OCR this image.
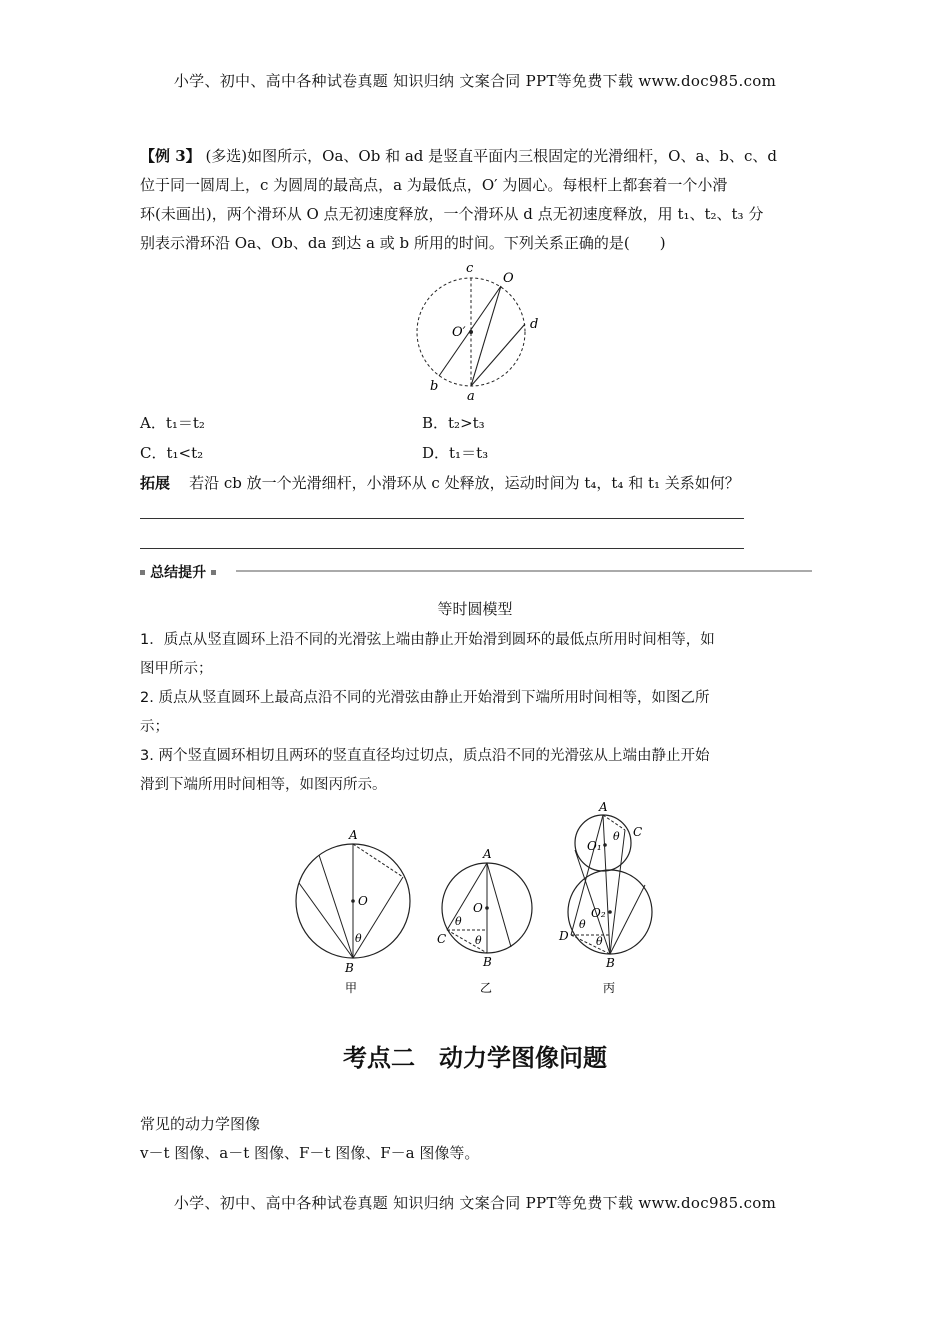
小学、初中、高中各种试卷真题 知识归纳 文案合同 PPT等免费下载 www.doc985.com
【例 3】 (多选)如图所示，Oa、Ob 和 ad 是竖直平面内三根固定的光滑细杆，O、a、b、c、d
位于同一圆周上，c 为圆周的最高点，a 为最低点，O′ 为圆心。每根杆上都套着一个小滑
环(未画出)，两个滑环从 O 点无初速度释放，一个滑环从 d 点无初速度释放，用 t₁、t₂、t₃ 分
别表示滑环沿 Oa、Ob、da 到达 a 或 b 所用的时间。下列关系正确的是(　　)
c
O
O′
d
b
a
A．t₁＝t₂	B．t₂>t₃
C．t₁<t₂	D．t₁＝t₃
拓展 若沿 cb 放一个光滑细杆，小滑环从 c 处释放，运动时间为 t₄，t₄ 和 t₁ 关系如何？
总结提升
等时圆模型
1．质点从竖直圆环上沿不同的光滑弦上端由静止开始滑到圆环的最低点所用时间相等，如
图甲所示；
2. 质点从竖直圆环上最高点沿不同的光滑弦由静止开始滑到下端所用时间相等，如图乙所
示；
3. 两个竖直圆环相切且两环的竖直直径均过切点，质点沿不同的光滑弦从上端由静止开始
滑到下端所用时间相等，如图丙所示。
A
O
θ
B
甲
A
O
θ
θ
C
B
乙
A
θ C
O₁
O₂
θ
θ
D
B
丙
考点二　动力学图像问题
常见的动力学图像
v－t 图像、a－t 图像、F－t 图像、F－a 图像等。
小学、初中、高中各种试卷真题 知识归纳 文案合同 PPT等免费下载 www.doc985.com
